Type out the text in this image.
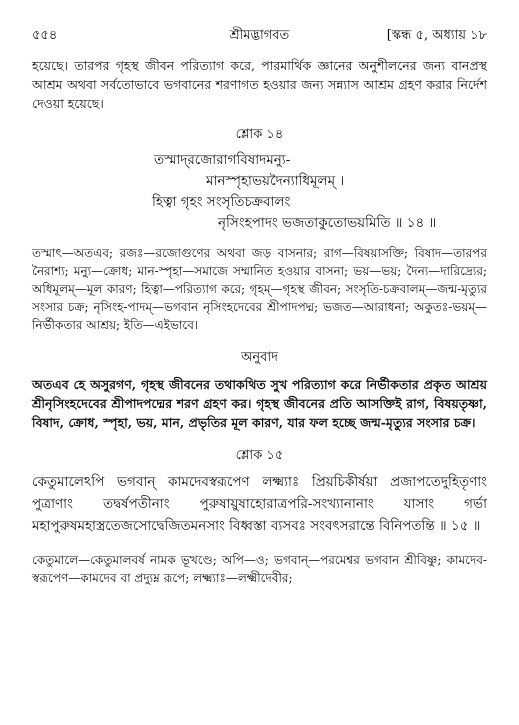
৫৫৪	শ্রীমদ্ভাগবত	[স্কন্ধ ৫, অধ্যায় ১৮

হয়েছে। তারপর গৃহস্থ জীবন পরিত্যাগ করে, পারমার্থিক জ্ঞানের অনুশীলনের জন্য বানপ্রস্থ আশ্রম অথবা সর্বতোভাবে ভগবানের শরণাগত হওয়ার জন্য সন্ন্যাস আশ্রম গ্রহণ করার নির্দেশ দেওয়া হয়েছে।

শ্লোক ১৪
তস্মাদ্‌রজোরাগবিষাদমন্যু-
মানস্পৃহাভয়দৈন্যাধিমূলম্ ।
হিত্বা গৃহং সংসৃতিচক্রবালং
নৃসিংহপাদং ভজতাকুতোভয়মিতি ॥ ১৪ ॥

তস্মাৎ—অতএব; রজঃ—রজোগুণের অথবা জড় বাসনার; রাগ—বিষয়াসক্তি; বিষাদ—তারপর নৈরাশ্য; মন্যু—ক্রোধ; মান-স্পৃহা—সমাজে সম্মানিত হওয়ার বাসনা; ভয়—ভয়; দৈন্য—দারিদ্র্যের; অধিমূলম্—মূল কারণ; হিত্বা—পরিত্যাগ করে; গৃহম্—গৃহস্থ জীবন; সংসৃতি-চক্রবালম্—জন্ম-মৃত্যুর সংসার চক্র; নৃসিংহ-পাদম্—ভগবান নৃসিংহদেবের শ্রীপাদপদ্ম; ভজত—আরাধনা; অকুতঃ-ভয়ম্—নির্ভীকতার আশ্রয়; ইতি—এইভাবে।

অনুবাদ

অতএব হে অসুরগণ, গৃহস্থ জীবনের তথাকথিত সুখ পরিত্যাগ করে নির্ভীকতার প্রকৃত আশ্রয় শ্রীনৃসিংহদেবের শ্রীপাদপদ্মের শরণ গ্রহণ কর। গৃহস্থ জীবনের প্রতি আসক্তিই রাগ, বিষয়তৃষ্ণা, বিষাদ, ক্রোধ, স্পৃহা, ভয়, মান, প্রভৃতির মূল কারণ, যার ফল হচ্ছে জন্ম-মৃত্যুর সংসার চক্র।

শ্লোক ১৫

কেতুমালেঽপি ভগবান্ কামদেবস্বরূপেণ লক্ষ্ম্যাঃ প্রিয়চিকীর্ষয়া প্রজাপতেদুহিতৃণাং পুত্রাণাং তদ্বর্ষপতীনাং পুরুষায়ুষাহোরাত্রপরি-সংখ্যানানাং যাসাং গর্ভা মহাপুরুষমহাস্ত্রতেজসোদ্বেজিতমনসাং বিধ্বস্তা ব্যসবঃ সংবৎসরান্তে বিনিপতন্তি ॥ ১৫ ॥

কেতুমালে—কেতুমালবর্ষ নামক ভূখণ্ডে; অপি—ও; ভগবান্—পরমেশ্বর ভগবান শ্রীবিষ্ণু; কামদেব-স্বরূপেণ—কামদেব বা প্রদ্যুম্ন রূপে; লক্ষ্ম্যাঃ—লক্ষ্মীদেবীর;
